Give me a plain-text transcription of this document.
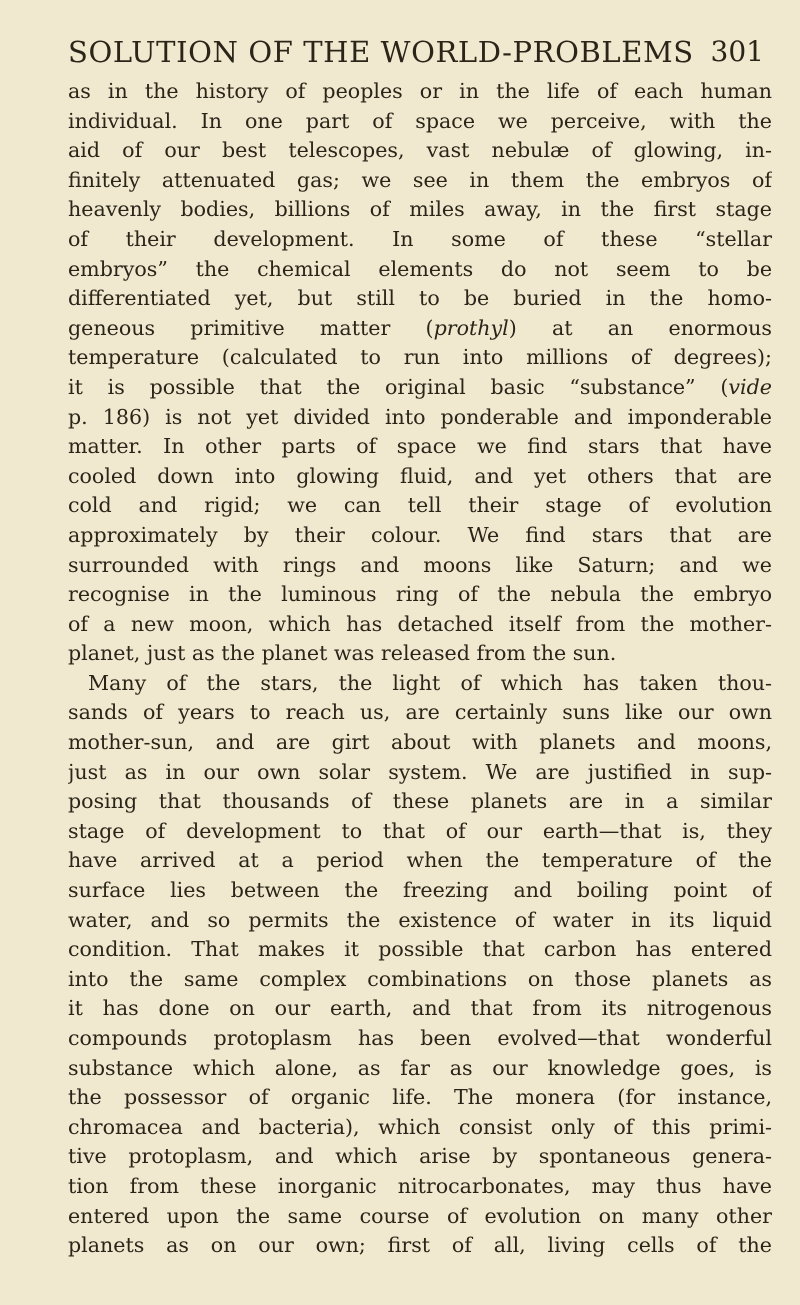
SOLUTION OF THE WORLD-PROBLEMS 301
as in the history of peoples or in the life of each human
individual. In one part of space we perceive, with the
aid of our best telescopes, vast nebulæ of glowing, in-
finitely attenuated gas; we see in them the embryos of
heavenly bodies, billions of miles away, in the first stage
of their development. In some of these “stellar
embryos” the chemical elements do not seem to be
differentiated yet, but still to be buried in the homo-
geneous primitive matter (prothyl) at an enormous
temperature (calculated to run into millions of degrees);
it is possible that the original basic “substance” (vide
p. 186) is not yet divided into ponderable and imponderable
matter. In other parts of space we find stars that have
cooled down into glowing fluid, and yet others that are
cold and rigid; we can tell their stage of evolution
approximately by their colour. We find stars that are
surrounded with rings and moons like Saturn; and we
recognise in the luminous ring of the nebula the embryo
of a new moon, which has detached itself from the mother-
planet, just as the planet was released from the sun.
Many of the stars, the light of which has taken thou-
sands of years to reach us, are certainly suns like our own
mother-sun, and are girt about with planets and moons,
just as in our own solar system. We are justified in sup-
posing that thousands of these planets are in a similar
stage of development to that of our earth—that is, they
have arrived at a period when the temperature of the
surface lies between the freezing and boiling point of
water, and so permits the existence of water in its liquid
condition. That makes it possible that carbon has entered
into the same complex combinations on those planets as
it has done on our earth, and that from its nitrogenous
compounds protoplasm has been evolved—that wonderful
substance which alone, as far as our knowledge goes, is
the possessor of organic life. The monera (for instance,
chromacea and bacteria), which consist only of this primi-
tive protoplasm, and which arise by spontaneous genera-
tion from these inorganic nitrocarbonates, may thus have
entered upon the same course of evolution on many other
planets as on our own; first of all, living cells of the
